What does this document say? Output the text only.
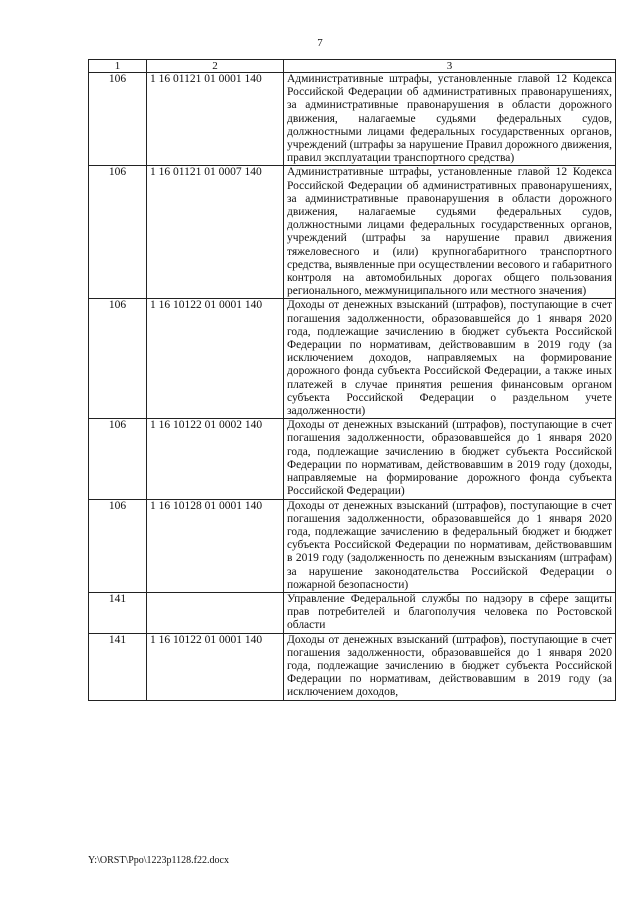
7
1	2	3
106	1 16 01121 01 0001 140	Административные штрафы, установленные главой 12 Кодекса Российской Федерации об административных правонарушениях, за административные правонарушения в области дорожного движения, налагаемые судьями федеральных судов, должностными лицами федеральных государственных органов, учреждений (штрафы за нарушение Правил дорожного движения, правил эксплуатации транспортного средства)
106	1 16 01121 01 0007 140	Административные штрафы, установленные главой 12 Кодекса Российской Федерации об административных правонарушениях, за административные правонарушения в области дорожного движения, налагаемые судьями федеральных судов, должностными лицами федеральных государственных органов, учреждений (штрафы за нарушение правил движения тяжеловесного и (или) крупногабаритного транспортного средства, выявленные при осуществлении весового и габаритного контроля на автомобильных дорогах общего пользования регионального, межмуниципального или местного значения)
106	1 16 10122 01 0001 140	Доходы от денежных взысканий (штрафов), поступающие в счет погашения задолженности, образовавшейся до 1 января 2020 года, подлежащие зачислению в бюджет субъекта Российской Федерации по нормативам, действовавшим в 2019 году (за исключением доходов, направляемых на формирование дорожного фонда субъекта Российской Федерации, а также иных платежей в случае принятия решения финансовым органом субъекта Российской Федерации о раздельном учете задолженности)
106	1 16 10122 01 0002 140	Доходы от денежных взысканий (штрафов), поступающие в счет погашения задолженности, образовавшейся до 1 января 2020 года, подлежащие зачислению в бюджет субъекта Российской Федерации по нормативам, действовавшим в 2019 году (доходы, направляемые на формирование дорожного фонда субъекта Российской Федерации)
106	1 16 10128 01 0001 140	Доходы от денежных взысканий (штрафов), поступающие в счет погашения задолженности, образовавшейся до 1 января 2020 года, подлежащие зачислению в федеральный бюджет и бюджет субъекта Российской Федерации по нормативам, действовавшим в 2019 году (задолженность по денежным взысканиям (штрафам) за нарушение законодательства Российской Федерации о пожарной безопасности)
141		Управление Федеральной службы по надзору в сфере защиты прав потребителей и благополучия человека по Ростовской области
141	1 16 10122 01 0001 140	Доходы от денежных взысканий (штрафов), поступающие в счет погашения задолженности, образовавшейся до 1 января 2020 года, подлежащие зачислению в бюджет субъекта Российской Федерации по нормативам, действовавшим в 2019 году (за исключением доходов,
Y:\ORST\Ppo\1223p1128.f22.docx
